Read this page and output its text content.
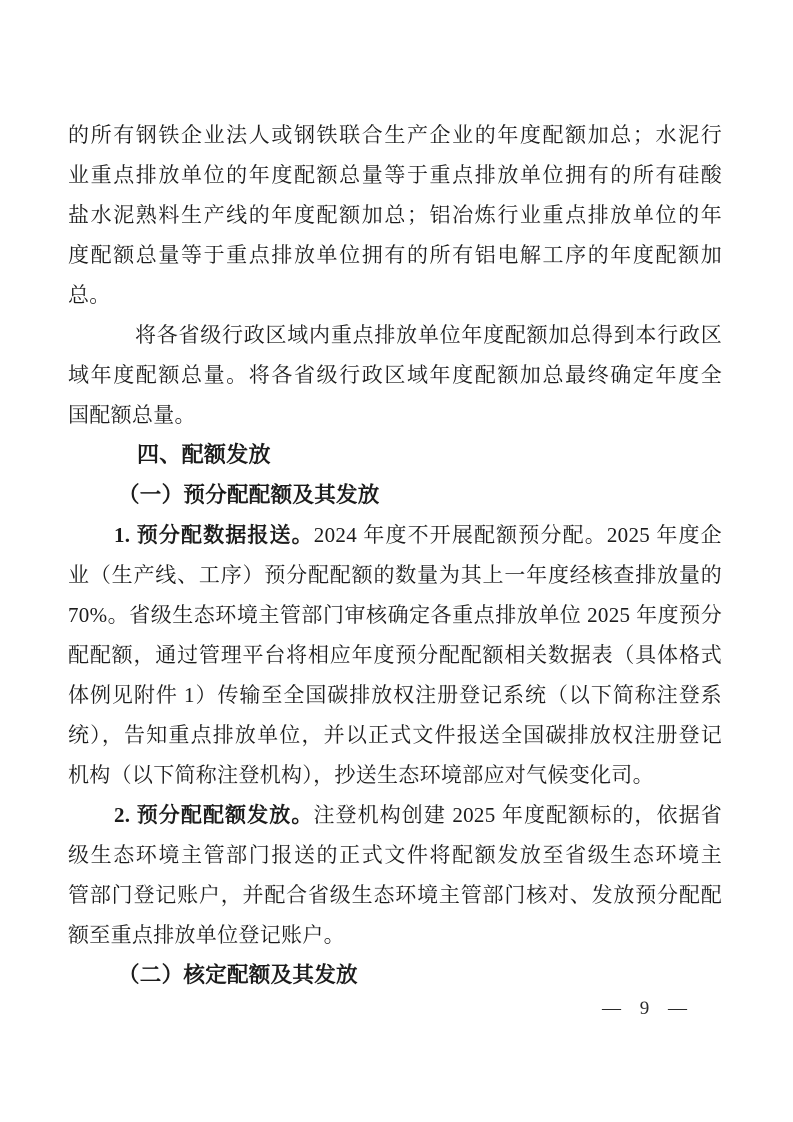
的所有钢铁企业法人或钢铁联合生产企业的年度配额加总；水泥行
业重点排放单位的年度配额总量等于重点排放单位拥有的所有硅酸
盐水泥熟料生产线的年度配额加总；铝冶炼行业重点排放单位的年
度配额总量等于重点排放单位拥有的所有铝电解工序的年度配额加
总。
将各省级行政区域内重点排放单位年度配额加总得到本行政区
域年度配额总量。将各省级行政区域年度配额加总最终确定年度全
国配额总量。
四、配额发放
（一）预分配配额及其发放
1. 预分配数据报送。2024 年度不开展配额预分配。2025 年度企
业（生产线、工序）预分配配额的数量为其上一年度经核查排放量的
70%。省级生态环境主管部门审核确定各重点排放单位 2025 年度预分
配配额，通过管理平台将相应年度预分配配额相关数据表（具体格式
体例见附件 1）传输至全国碳排放权注册登记系统（以下简称注登系
统），告知重点排放单位，并以正式文件报送全国碳排放权注册登记
机构（以下简称注登机构），抄送生态环境部应对气候变化司。
2. 预分配配额发放。注登机构创建 2025 年度配额标的，依据省
级生态环境主管部门报送的正式文件将配额发放至省级生态环境主
管部门登记账户，并配合省级生态环境主管部门核对、发放预分配配
额至重点排放单位登记账户。
（二）核定配额及其发放
— 9 —
